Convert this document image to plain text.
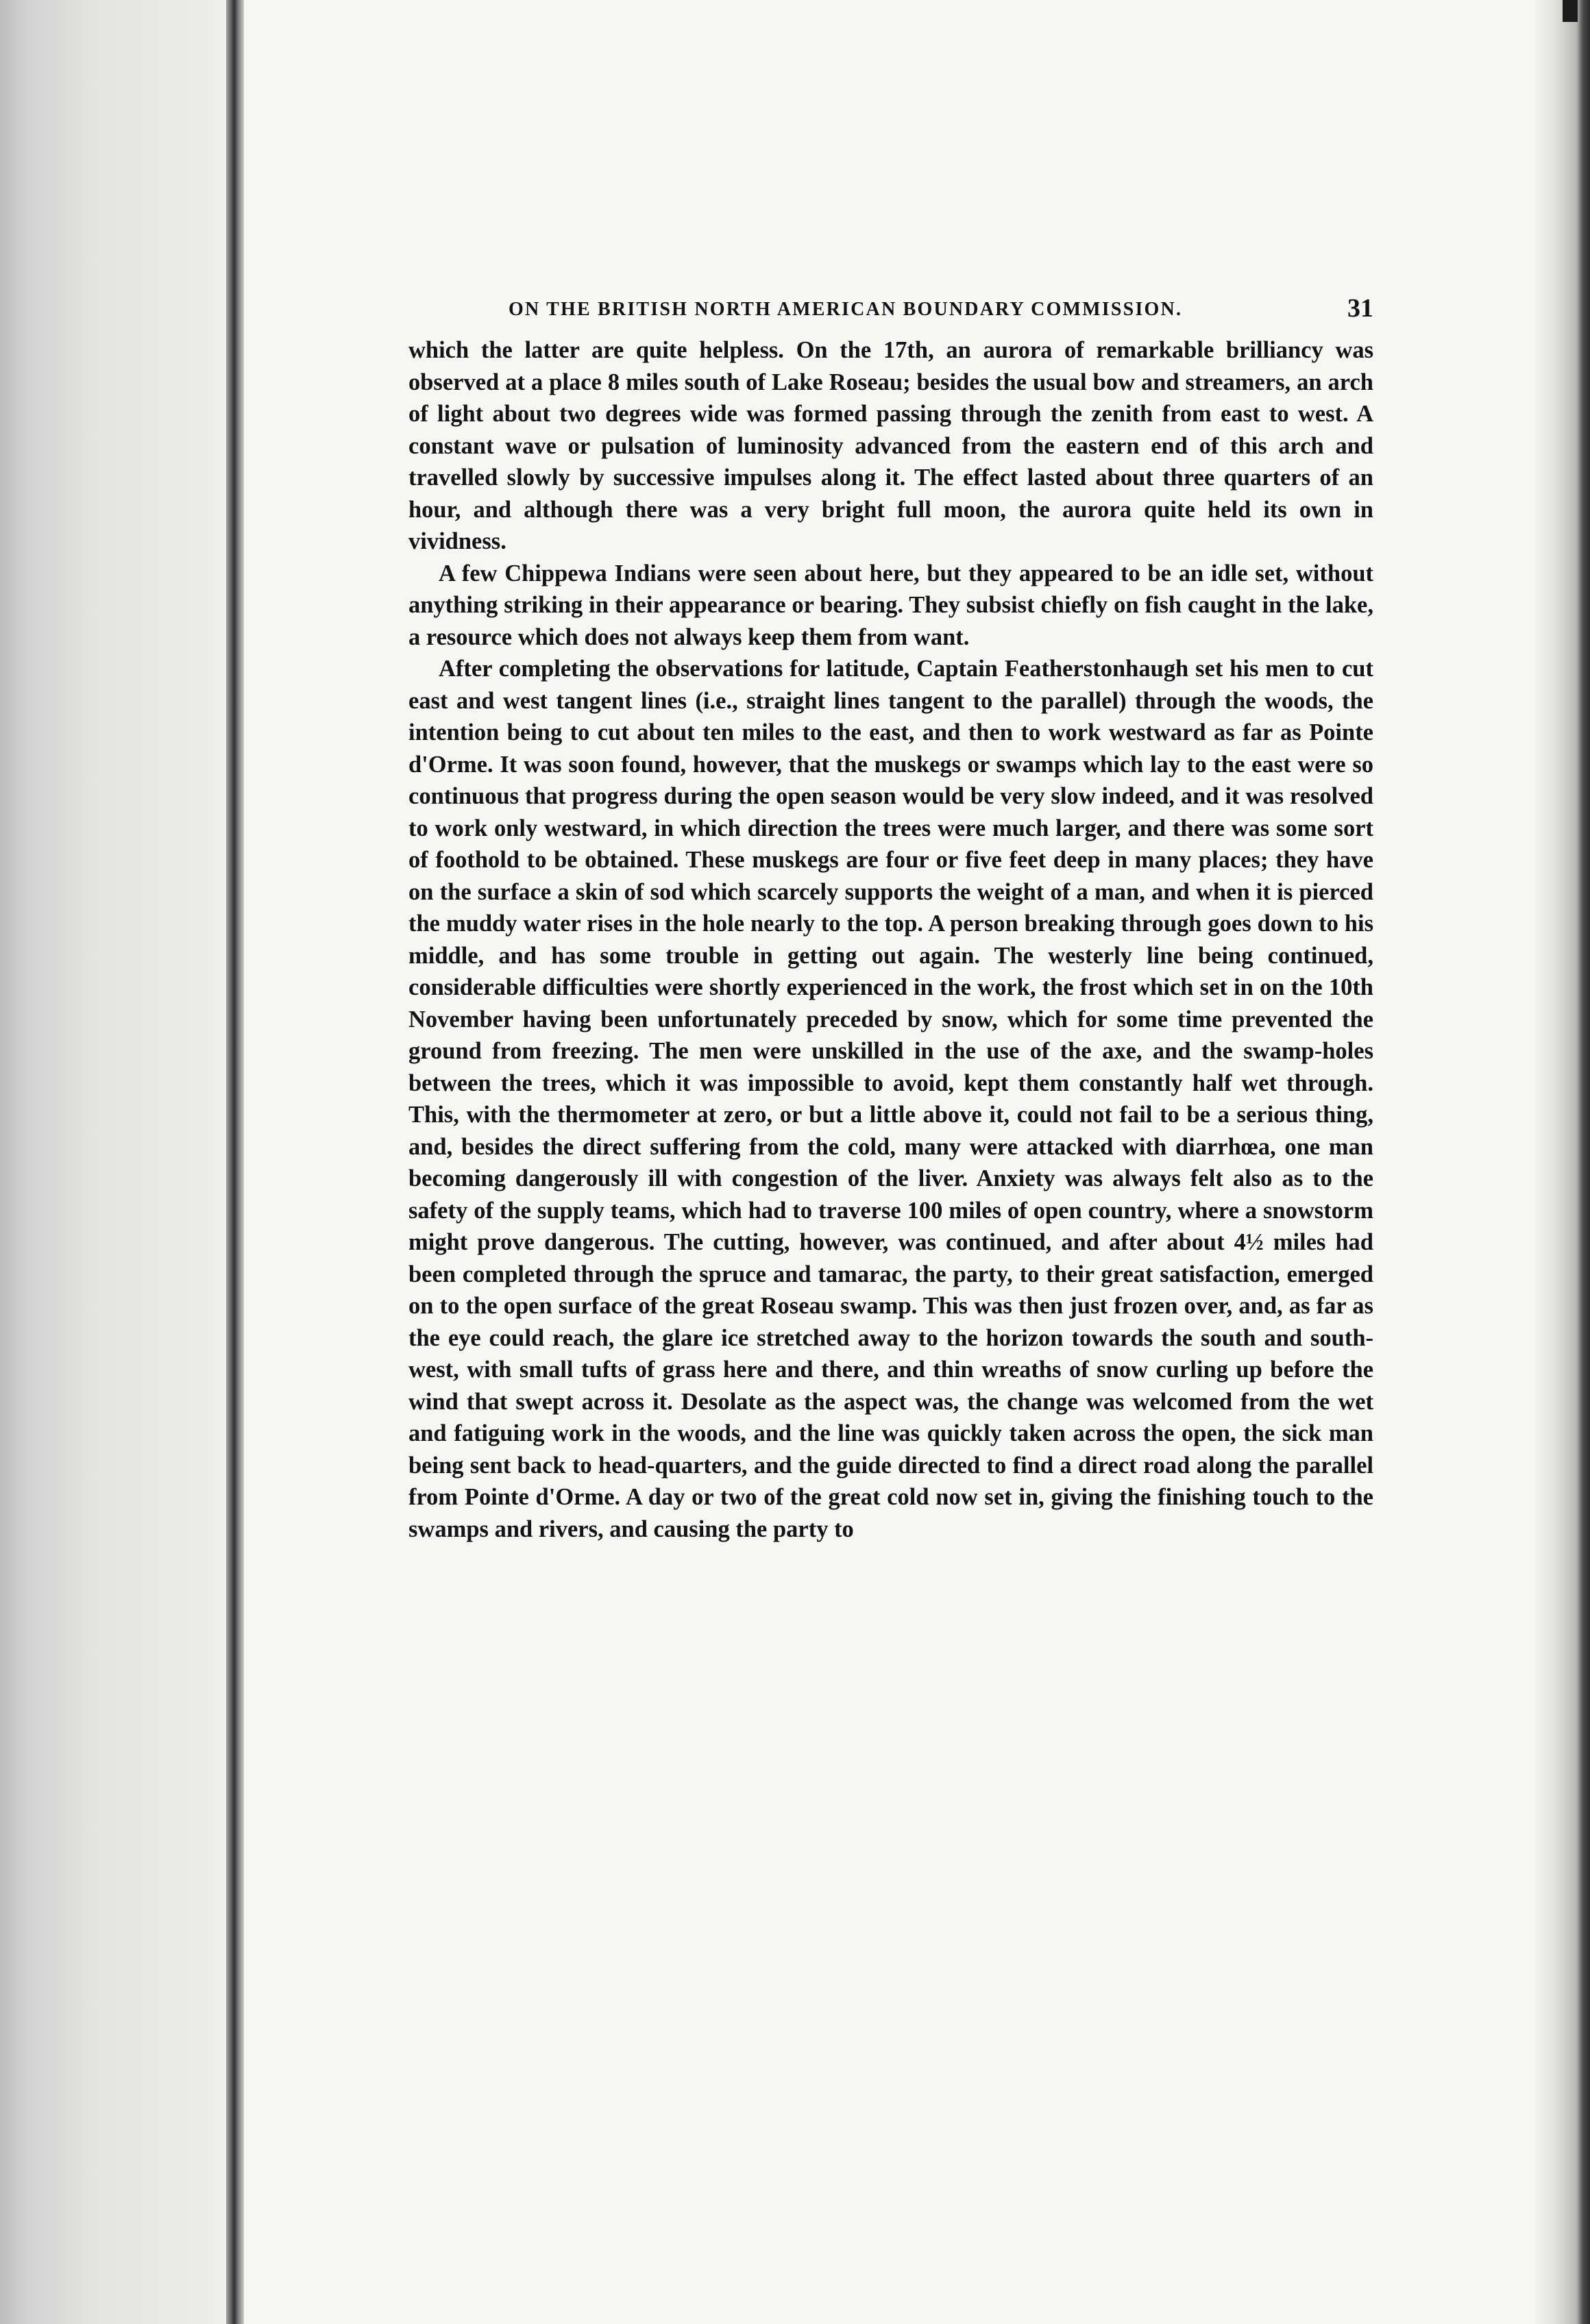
ON THE BRITISH NORTH AMERICAN BOUNDARY COMMISSION.	31

which the latter are quite helpless. On the 17th, an aurora of remarkable brilliancy was observed at a place 8 miles south of Lake Roseau; besides the usual bow and streamers, an arch of light about two degrees wide was formed passing through the zenith from east to west. A constant wave or pulsation of luminosity advanced from the eastern end of this arch and travelled slowly by successive impulses along it. The effect lasted about three quarters of an hour, and although there was a very bright full moon, the aurora quite held its own in vividness.

A few Chippewa Indians were seen about here, but they appeared to be an idle set, without anything striking in their appearance or bearing. They subsist chiefly on fish caught in the lake, a resource which does not always keep them from want.

After completing the observations for latitude, Captain Featherstonhaugh set his men to cut east and west tangent lines (i.e., straight lines tangent to the parallel) through the woods, the intention being to cut about ten miles to the east, and then to work westward as far as Pointe d'Orme. It was soon found, however, that the muskegs or swamps which lay to the east were so continuous that progress during the open season would be very slow indeed, and it was resolved to work only westward, in which direction the trees were much larger, and there was some sort of foothold to be obtained. These muskegs are four or five feet deep in many places; they have on the surface a skin of sod which scarcely supports the weight of a man, and when it is pierced the muddy water rises in the hole nearly to the top. A person breaking through goes down to his middle, and has some trouble in getting out again. The westerly line being continued, considerable difficulties were shortly experienced in the work, the frost which set in on the 10th November having been unfortunately preceded by snow, which for some time prevented the ground from freezing. The men were unskilled in the use of the axe, and the swamp-holes between the trees, which it was impossible to avoid, kept them constantly half wet through. This, with the thermometer at zero, or but a little above it, could not fail to be a serious thing, and, besides the direct suffering from the cold, many were attacked with diarrhœa, one man becoming dangerously ill with congestion of the liver. Anxiety was always felt also as to the safety of the supply teams, which had to traverse 100 miles of open country, where a snowstorm might prove dangerous. The cutting, however, was continued, and after about 4½ miles had been completed through the spruce and tamarac, the party, to their great satisfaction, emerged on to the open surface of the great Roseau swamp. This was then just frozen over, and, as far as the eye could reach, the glare ice stretched away to the horizon towards the south and south-west, with small tufts of grass here and there, and thin wreaths of snow curling up before the wind that swept across it. Desolate as the aspect was, the change was welcomed from the wet and fatiguing work in the woods, and the line was quickly taken across the open, the sick man being sent back to head-quarters, and the guide directed to find a direct road along the parallel from Pointe d'Orme. A day or two of the great cold now set in, giving the finishing touch to the swamps and rivers, and causing the party to
